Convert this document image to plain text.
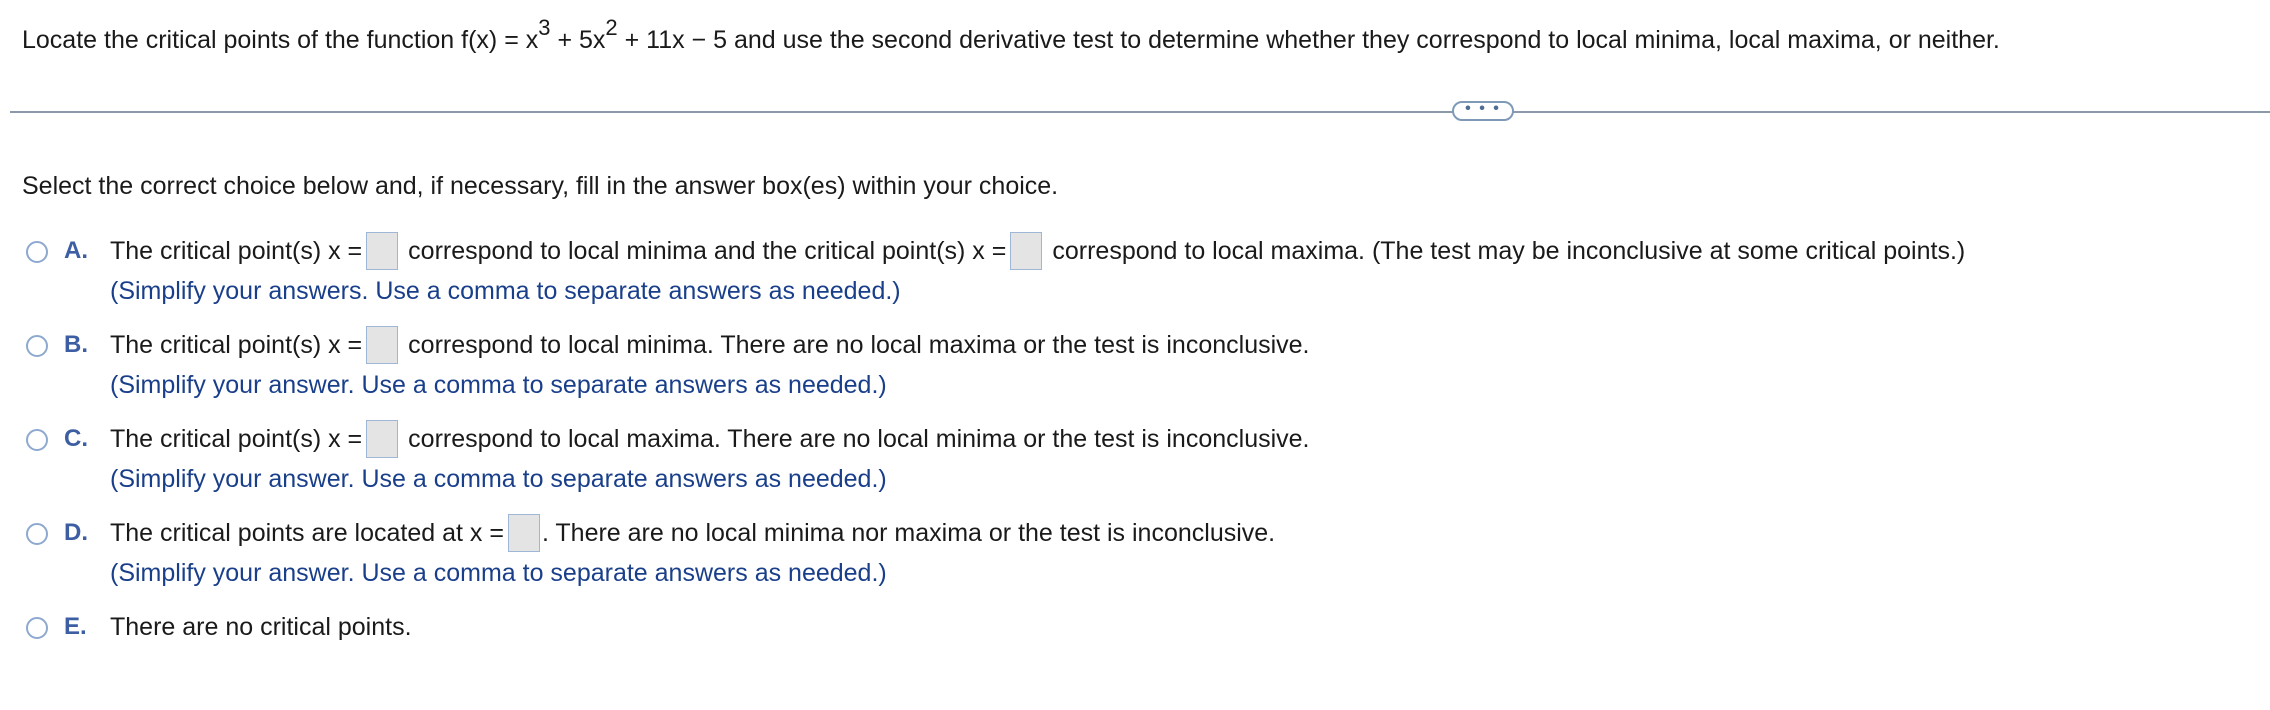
Locate the critical points of the function $f(x) = x^3 + 5x^2 + 11x - 5$ and use the second derivative test to determine whether they correspond to local minima, local maxima, or neither.
• • •
Select the correct choice below and, if necessary, fill in the answer box(es) within your choice.
A. The critical point(s) x = correspond to local minima and the critical point(s) x = correspond to local maxima. (The test may be inconclusive at some critical points.)
(Simplify your answers. Use a comma to separate answers as needed.)
B. The critical point(s) x = correspond to local minima. There are no local maxima or the test is inconclusive.
(Simplify your answer. Use a comma to separate answers as needed.)
C. The critical point(s) x = correspond to local maxima. There are no local minima or the test is inconclusive.
(Simplify your answer. Use a comma to separate answers as needed.)
D. The critical points are located at x = . There are no local minima nor maxima or the test is inconclusive.
(Simplify your answer. Use a comma to separate answers as needed.)
E. There are no critical points.
